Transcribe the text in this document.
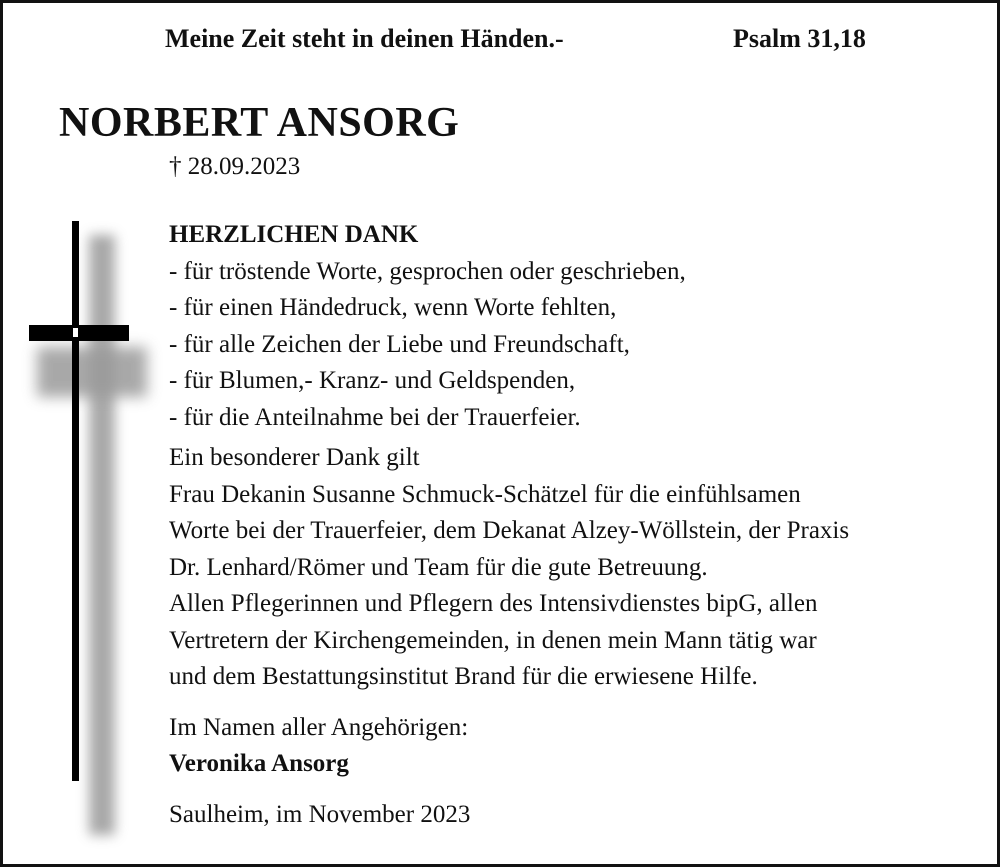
Meine Zeit steht in deinen Händen.-	Psalm 31,18
NORBERT ANSORG
† 28.09.2023
HERZLICHEN DANK
- für tröstende Worte, gesprochen oder geschrieben,
- für einen Händedruck, wenn Worte fehlten,
- für alle Zeichen der Liebe und Freundschaft,
- für Blumen,- Kranz- und Geldspenden,
- für die Anteilnahme bei der Trauerfeier.
Ein besonderer Dank gilt
Frau Dekanin Susanne Schmuck-Schätzel für die einfühlsamen
Worte bei der Trauerfeier, dem Dekanat Alzey-Wöllstein, der Praxis
Dr. Lenhard/Römer und Team für die gute Betreuung.
Allen Pflegerinnen und Pflegern des Intensivdienstes bipG, allen
Vertretern der Kirchengemeinden, in denen mein Mann tätig war
und dem Bestattungsinstitut Brand für die erwiesene Hilfe.
Im Namen aller Angehörigen:
Veronika Ansorg
Saulheim, im November 2023
